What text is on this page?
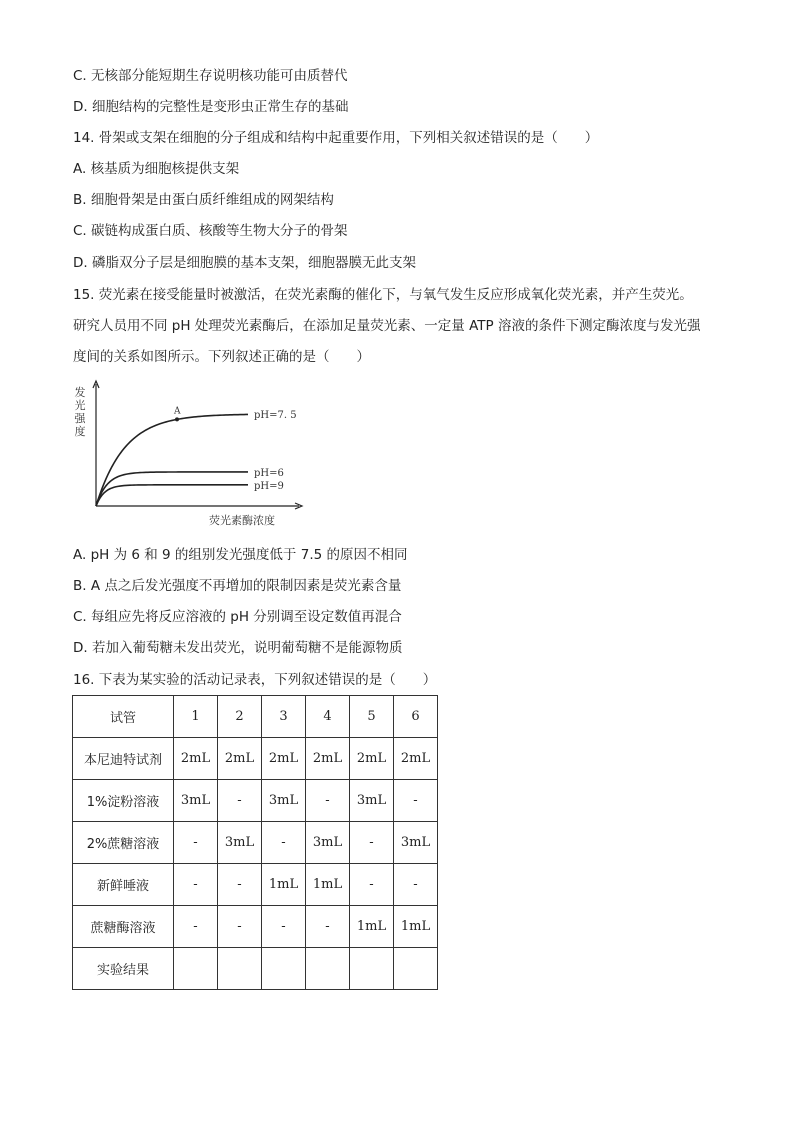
C. 无核部分能短期生存说明核功能可由质替代
D. 细胞结构的完整性是变形虫正常生存的基础
14. 骨架或支架在细胞的分子组成和结构中起重要作用，下列相关叙述错误的是（　　）
A. 核基质为细胞核提供支架
B. 细胞骨架是由蛋白质纤维组成的网架结构
C. 碳链构成蛋白质、核酸等生物大分子的骨架
D. 磷脂双分子层是细胞膜的基本支架，细胞器膜无此支架
15. 荧光素在接受能量时被激活，在荧光素酶的催化下，与氧气发生反应形成氧化荧光素，并产生荧光。
研究人员用不同 pH 处理荧光素酶后，在添加足量荧光素、一定量 ATP 溶液的条件下测定酶浓度与发光强
度间的关系如图所示。下列叙述正确的是（　　）
发光强度
荧光素酶浓度
pH=7. 5
A
pH=6
pH=9
A. pH 为 6 和 9 的组别发光强度低于 7.5 的原因不相同
B. A 点之后发光强度不再增加的限制因素是荧光素含量
C. 每组应先将反应溶液的 pH 分别调至设定数值再混合
D. 若加入葡萄糖未发出荧光，说明葡萄糖不是能源物质
16. 下表为某实验的活动记录表，下列叙述错误的是（　　）
试管	1	2	3	4	5	6
本尼迪特试剂	2mL	2mL	2mL	2mL	2mL	2mL
1%淀粉溶液	3mL	-	3mL	-	3mL	-
2%蔗糖溶液	-	3mL	-	3mL	-	3mL
新鲜唾液	-	-	1mL	1mL	-	-
蔗糖酶溶液	-	-	-	-	1mL	1mL
实验结果						
